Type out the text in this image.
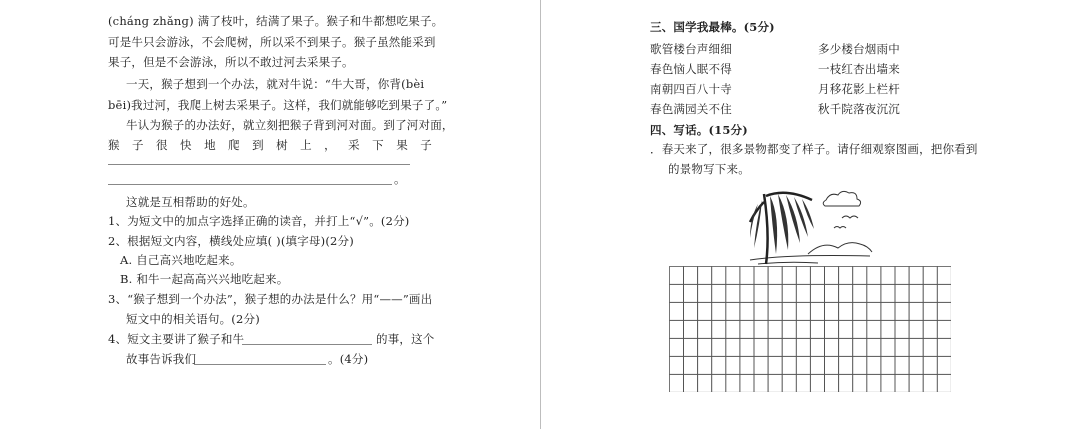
(chánɡ zhǎnɡ) 满了枝叶，结满了果子。猴子和牛都想吃果子。
可是牛只会游泳，不会爬树，所以采不到果子。猴子虽然能采到
果子，但是不会游泳，所以不敢过河去采果子。
一天，猴子想到一个办法，就对牛说：“牛大哥，你背(bèi
bēi)我过河，我爬上树去采果子。这样，我们就能够吃到果子了。”
牛认为猴子的办法好，就立刻把猴子背到河对面。到了河对面，
猴 子 很 快 地 爬 到 树 上 ， 采 下 果 子
。
这就是互相帮助的好处。
1、为短文中的加点字选择正确的读音，并打上“√”。(2分)
2、根据短文内容，横线处应填( )(填字母)(2分)
A. 自己高兴地吃起来。
B. 和牛一起高高兴兴地吃起来。
3、“猴子想到一个办法”，猴子想的办法是什么？用“——”画出
短文中的相关语句。(2分)
4、短文主要讲了猴子和牛	的事，这个
故事告诉我们	。(4分)
三、国学我最棒。(5分)
四、写话。(15分)
．春天来了，很多景物都变了样子。请仔细观察图画，把你看到
的景物写下来。
歌管楼台声细细
春色恼人眠不得
南朝四百八十寺
春色满园关不住
多少楼台烟雨中
一枝红杏出墙来
月移花影上栏杆
秋千院落夜沉沉
